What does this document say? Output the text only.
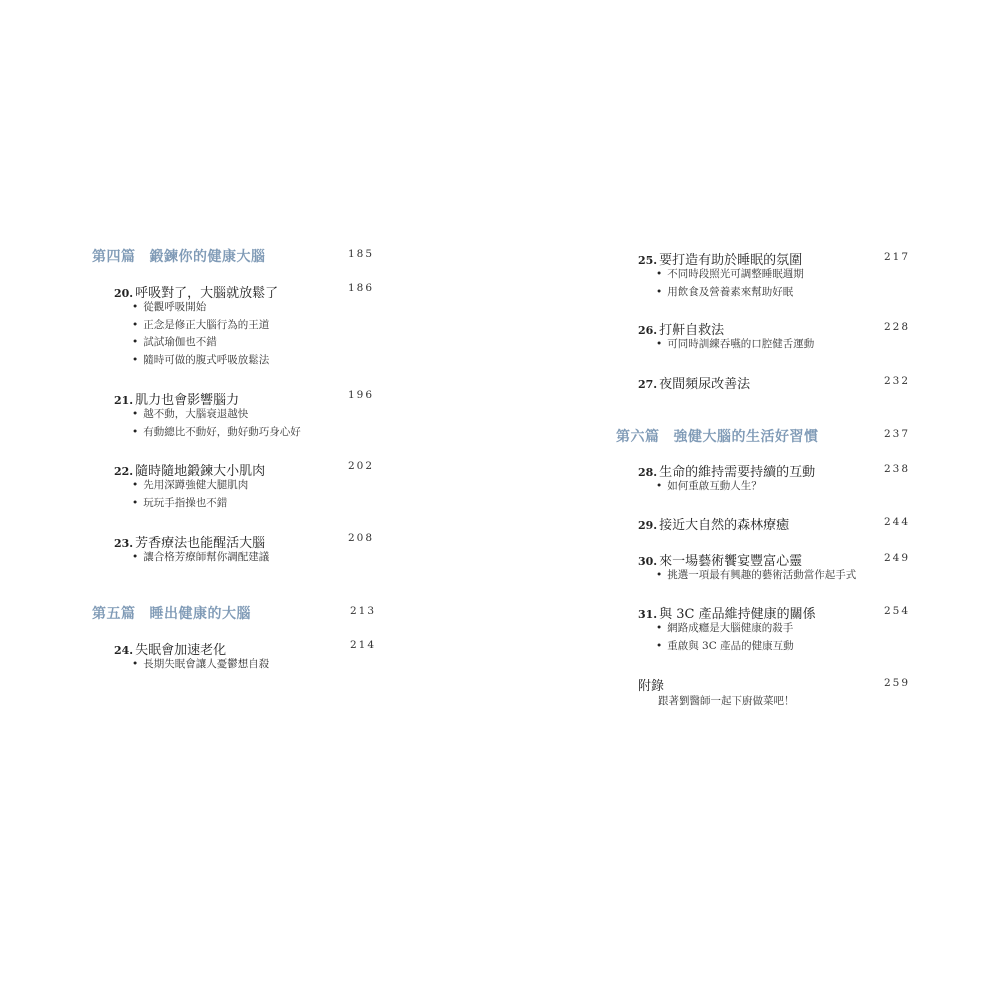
第四篇 鍛鍊你的健康大腦	185
20. 呼吸對了，大腦就放鬆了	186
• 從觀呼吸開始
• 正念是修正大腦行為的王道
• 試試瑜伽也不錯
• 隨時可做的腹式呼吸放鬆法
21. 肌力也會影響腦力	196
• 越不動，大腦衰退越快
• 有動總比不動好，動好動巧身心好
22. 隨時隨地鍛鍊大小肌肉	202
• 先用深蹲強健大腿肌肉
• 玩玩手指操也不錯
23. 芳香療法也能醒活大腦	208
• 讓合格芳療師幫你調配建議
第五篇 睡出健康的大腦	213
24. 失眠會加速老化	214
• 長期失眠會讓人憂鬱想自殺
25. 要打造有助於睡眠的氛圍	217
• 不同時段照光可調整睡眠週期
• 用飲食及營養素來幫助好眠
26. 打鼾自救法	228
• 可同時訓練吞嚥的口腔健舌運動
27. 夜間頻尿改善法	232
第六篇 強健大腦的生活好習慣	237
28. 生命的維持需要持續的互動	238
• 如何重啟互動人生？
29. 接近大自然的森林療癒	244
30. 來一場藝術饗宴豐富心靈	249
• 挑選一項最有興趣的藝術活動當作起手式
31. 與 3C 產品維持健康的關係	254
• 網路成癮是大腦健康的殺手
• 重啟與 3C 產品的健康互動
附錄	259
跟著劉醫師一起下廚做菜吧！
